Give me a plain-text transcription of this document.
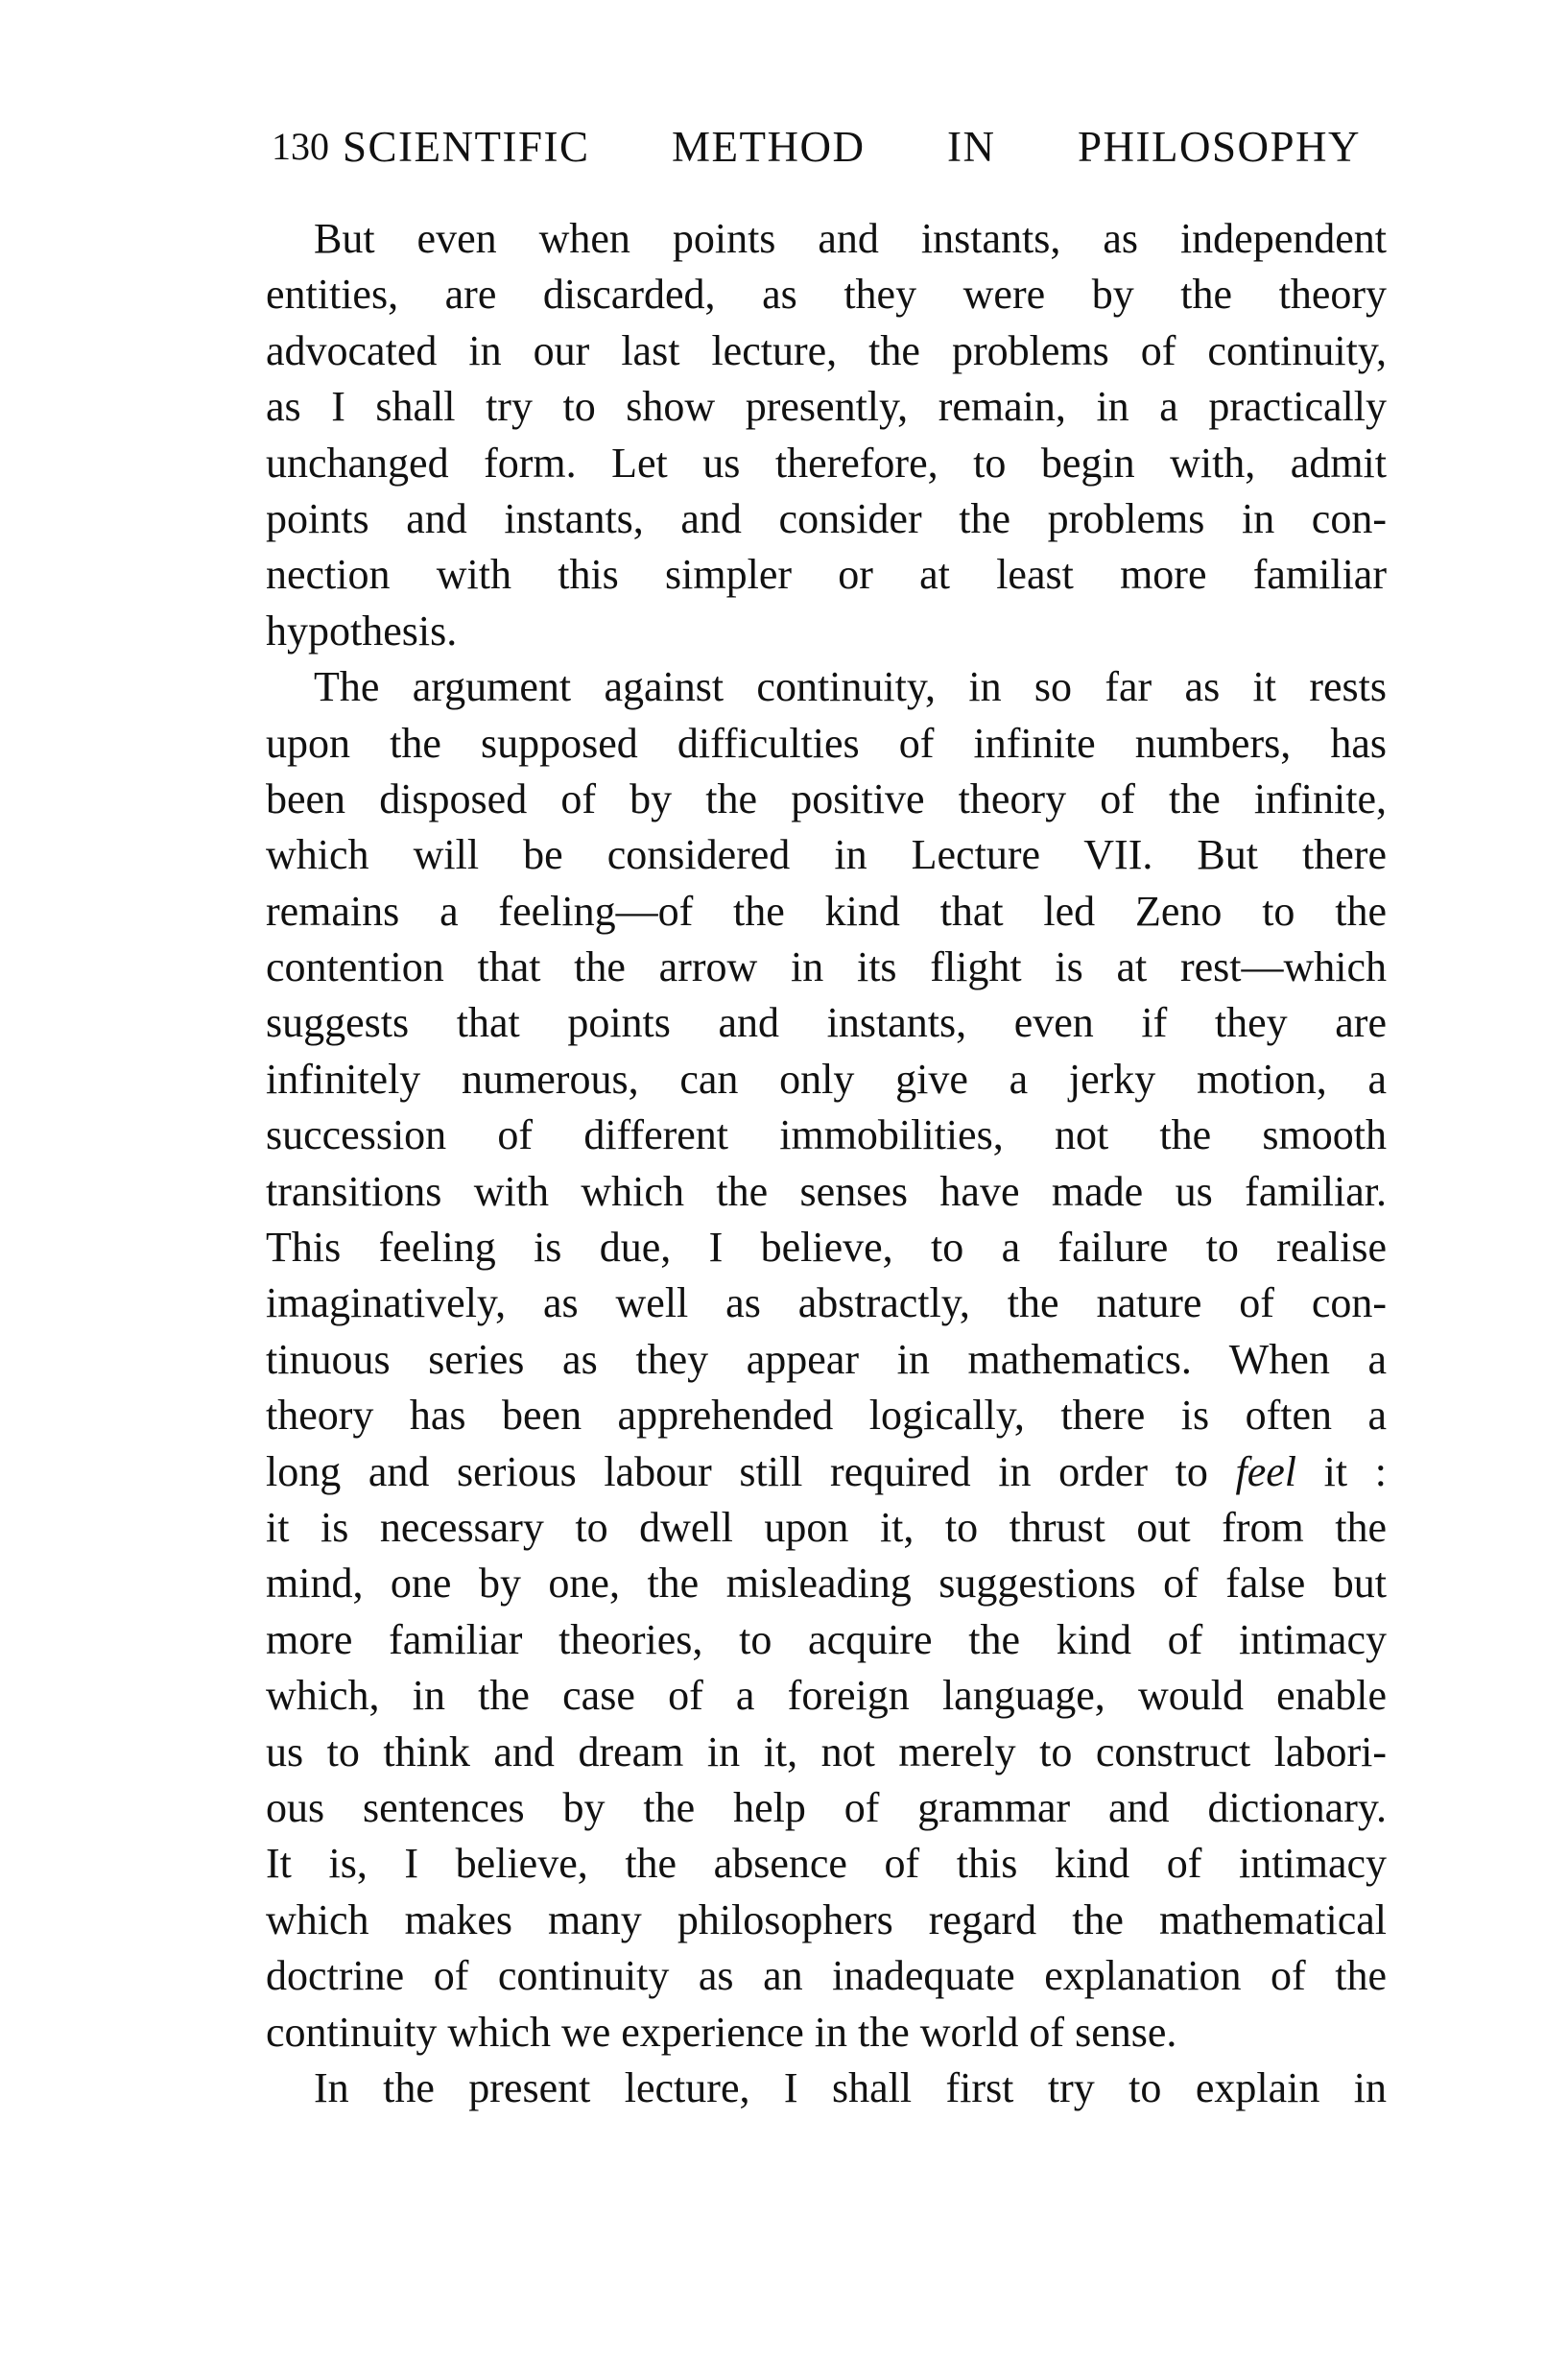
130 SCIENTIFIC METHOD IN PHILOSOPHY
But even when points and instants, as independent
entities, are discarded, as they were by the theory
advocated in our last lecture, the problems of continuity,
as I shall try to show presently, remain, in a practically
unchanged form. Let us therefore, to begin with, admit
points and instants, and consider the problems in con-
nection with this simpler or at least more familiar
hypothesis.
The argument against continuity, in so far as it rests
upon the supposed difficulties of infinite numbers, has
been disposed of by the positive theory of the infinite,
which will be considered in Lecture VII. But there
remains a feeling—of the kind that led Zeno to the
contention that the arrow in its flight is at rest—which
suggests that points and instants, even if they are
infinitely numerous, can only give a jerky motion, a
succession of different immobilities, not the smooth
transitions with which the senses have made us familiar.
This feeling is due, I believe, to a failure to realise
imaginatively, as well as abstractly, the nature of con-
tinuous series as they appear in mathematics. When a
theory has been apprehended logically, there is often a
long and serious labour still required in order to feel it :
it is necessary to dwell upon it, to thrust out from the
mind, one by one, the misleading suggestions of false but
more familiar theories, to acquire the kind of intimacy
which, in the case of a foreign language, would enable
us to think and dream in it, not merely to construct labori-
ous sentences by the help of grammar and dictionary.
It is, I believe, the absence of this kind of intimacy
which makes many philosophers regard the mathematical
doctrine of continuity as an inadequate explanation of the
continuity which we experience in the world of sense.
In the present lecture, I shall first try to explain in
